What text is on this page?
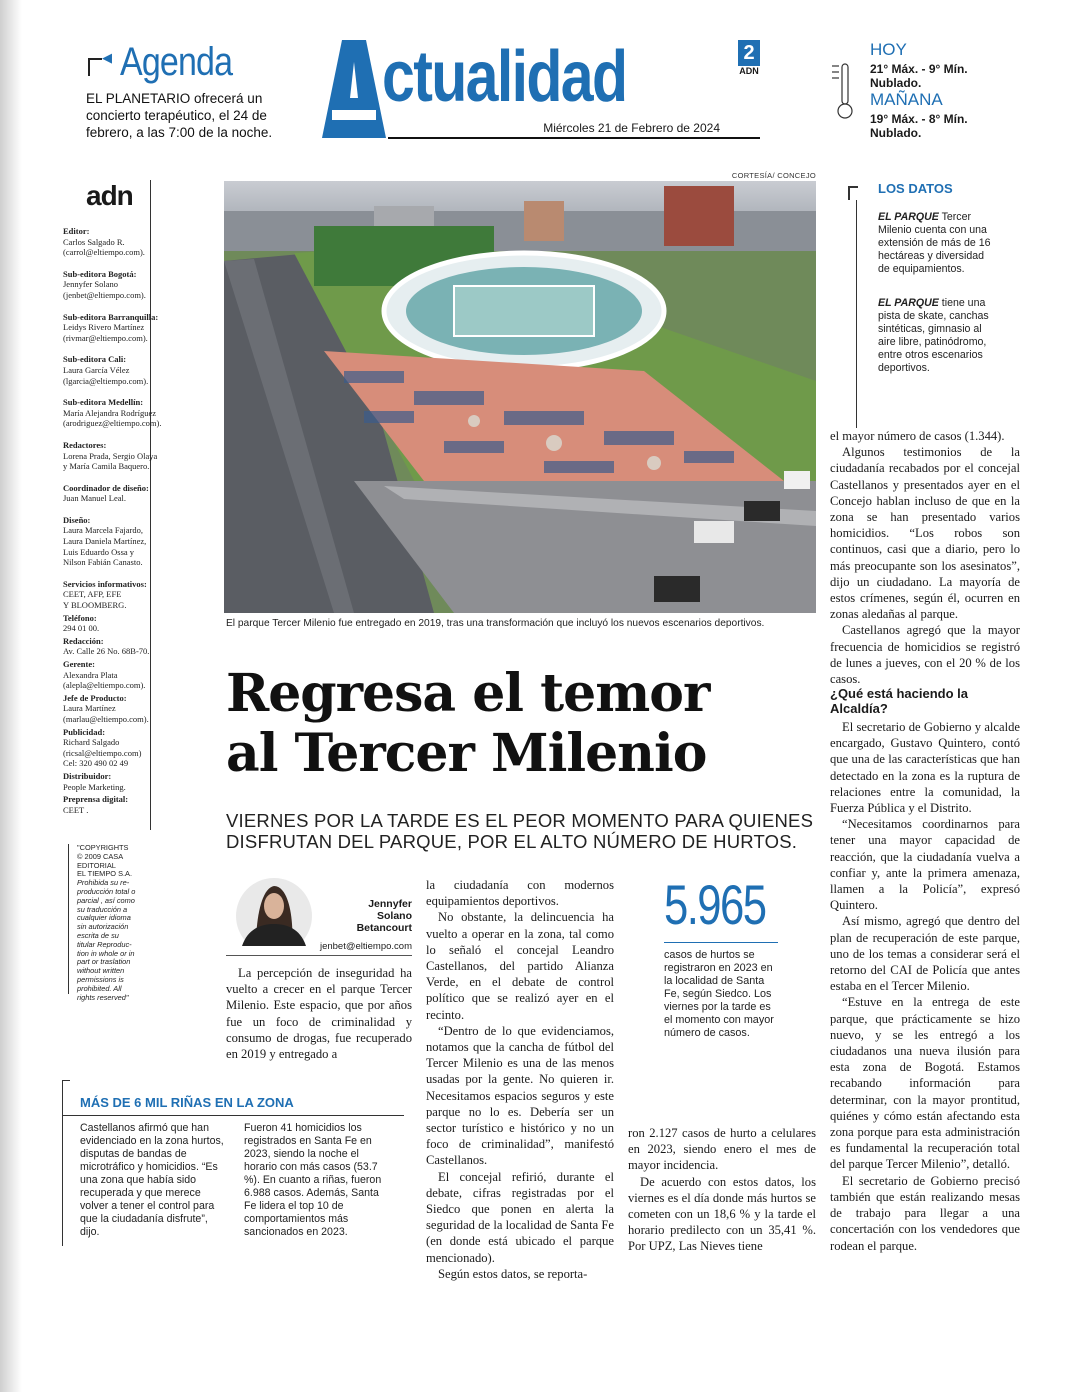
◀ Agenda
EL PLANETARIO ofrecerá un concierto terapéutico, el 24 de febrero, a las 7:00 de la noche.
ctualidad	2
ADN
Miércoles 21 de Febrero de 2024
HOY
21° Máx. - 9° Mín.
Nublado.
MAÑANA
19° Máx. - 8° Mín.
Nublado.
adn
Editor:
Carlos Salgado R.
(carrol@eltiempo.com).
Sub-editora Bogotá:
Jennyfer Solano
(jenbet@eltiempo.com).
Sub-editora Barranquilla:
Leidys Rivero Martínez
(rivmar@eltiempo.com).
Sub-editora Cali:
Laura García Vélez
(lgarcia@eltiempo.com).
Sub-editora Medellín:
María Alejandra Rodríguez
(arodriguez@eltiempo.com).
Redactores:
Lorena Prada, Sergio Olaya
y María Camila Baquero.
Coordinador de diseño:
Juan Manuel Leal.
Diseño:
Laura Marcela Fajardo,
Laura Daniela Martínez,
Luis Eduardo Ossa y
Nilson Fabián Canasto.
Servicios informativos:
CEET, AFP, EFE
Y BLOOMBERG.
Teléfono:
294 01 00.
Redacción:
Av. Calle 26 No. 68B-70.
Gerente:
Alexandra Plata
(alepla@eltiempo.com).
Jefe de Producto:
Laura Martínez
(marlau@eltiempo.com).
Publicidad:
Richard Salgado
(ricsal@eltiempo.com)
Cel: 320 490 02 49
Distribuidor:
People Marketing.
Preprensa digital:
CEET .
"COPYRIGHTS
© 2009 CASA
EDITORIAL
EL TIEMPO S.A.
Prohibida su re-
producción total o
parcial , así como
su traducción a
cualquier idioma
sin autorización
escrita de su
titular Reproduc-
tion in whole or in
part or traslation
without written
permissions is
prohibited. All
rights reserved"
CORTESÍA/ CONCEJO
El parque Tercer Milenio fue entregado en 2019, tras una transformación que incluyó los nuevos escenarios deportivos.
LOS DATOS
EL PARQUE Tercer Milenio cuenta con una extensión de más de 16 hectáreas y diversidad de equipamientos.
EL PARQUE tiene una pista de skate, canchas sintéticas, gimnasio al aire libre, patinódromo, entre otros escenarios deportivos.
Regresa el temor
al Tercer Milenio
VIERNES POR LA TARDE ES EL PEOR MOMENTO PARA QUIENES DISFRUTAN DEL PARQUE, POR EL ALTO NÚMERO DE HURTOS.
Jennyfer
Solano
Betancourt
jenbet@eltiempo.com

La percepción de inseguridad ha vuelto a crecer en el parque Tercer Milenio. Este espacio, que por años fue un foco de criminalidad y consumo de drogas, fue recuperado en 2019 y entregado a

la ciudadanía con modernos equipamientos deportivos.

No obstante, la delincuencia ha vuelto a operar en la zona, tal como lo señaló el concejal Leandro Castellanos, del partido Alianza Verde, en el debate de control político que se realizó ayer en el recinto.

“Dentro de lo que evidenciamos, notamos que la cancha de fútbol del Tercer Milenio es una de las menos usadas por la gente. No quieren ir. Necesitamos espacios seguros y este parque no lo es. Debería ser un sector turístico e histórico y no un foco de criminalidad”, manifestó Castellanos.

El concejal refirió, durante el debate, cifras registradas por el Siedco que ponen en alerta la seguridad de la localidad de Santa Fe (en donde está ubicado el parque mencionado).

Según estos datos, se reporta-

5.965
casos de hurtos se registraron en 2023 en la localidad de Santa Fe, según Siedco. Los viernes por la tarde es el momento con mayor número de casos.

ron 2.127 casos de hurto a celulares en 2023, siendo enero el mes de mayor incidencia.

De acuerdo con estos datos, los viernes es el día donde más hurtos se cometen con un 18,6 % y la tarde el horario predilecto con un 35,41 %. Por UPZ, Las Nieves tiene

el mayor número de casos (1.344).

Algunos testimonios de la ciudadanía recabados por el concejal Castellanos y presentados ayer en el Concejo hablan incluso de que en la zona se han presentado varios homicidios. “Los robos son continuos, casi que a diario, pero lo más preocupante son los asesinatos”, dijo un ciudadano. La mayoría de estos crímenes, según él, ocurren en zonas aledañas al parque.

Castellanos agregó que la mayor frecuencia de homicidios se registró de lunes a jueves, con el 20 % de los casos.

¿Qué está haciendo la Alcaldía?

El secretario de Gobierno y alcalde encargado, Gustavo Quintero, contó que una de las características que han detectado en la zona es la ruptura de relaciones entre la comunidad, la Fuerza Pública y el Distrito.

“Necesitamos coordinarnos para tener una mayor capacidad de reacción, que la ciudadanía vuelva a confiar y, ante la primera amenaza, llamen a la Policía”, expresó Quintero.

Así mismo, agregó que dentro del plan de recuperación de este parque, uno de los temas a considerar será el retorno del CAI de Policía que antes estaba en el Tercer Milenio.

“Estuve en la entrega de este parque, que prácticamente se hizo nuevo, y se les entregó a los ciudadanos una nueva ilusión para esta zona de Bogotá. Estamos recabando información para determinar, con la mayor prontitud, quiénes y cómo están afectando esta zona porque para esta administración es fundamental la recuperación total del parque Tercer Milenio”, detalló.

El secretario de Gobierno precisó también que están realizando mesas de trabajo para llegar a una concertación con los vendedores que rodean el parque.

MÁS DE 6 MIL RIÑAS EN LA ZONA
Castellanos afirmó que han evidenciado en la zona hurtos, disputas de bandas de microtráfico y homicidios. “Es una zona que había sido recuperada y que merece volver a tener el control para que la ciudadanía disfrute”, dijo.
Fueron 41 homicidios los registrados en Santa Fe en 2023, siendo la noche el horario con más casos (53.7 %). En cuanto a riñas, fueron 6.988 casos. Además, Santa Fe lidera el top 10 de comportamientos más sancionados en 2023.
